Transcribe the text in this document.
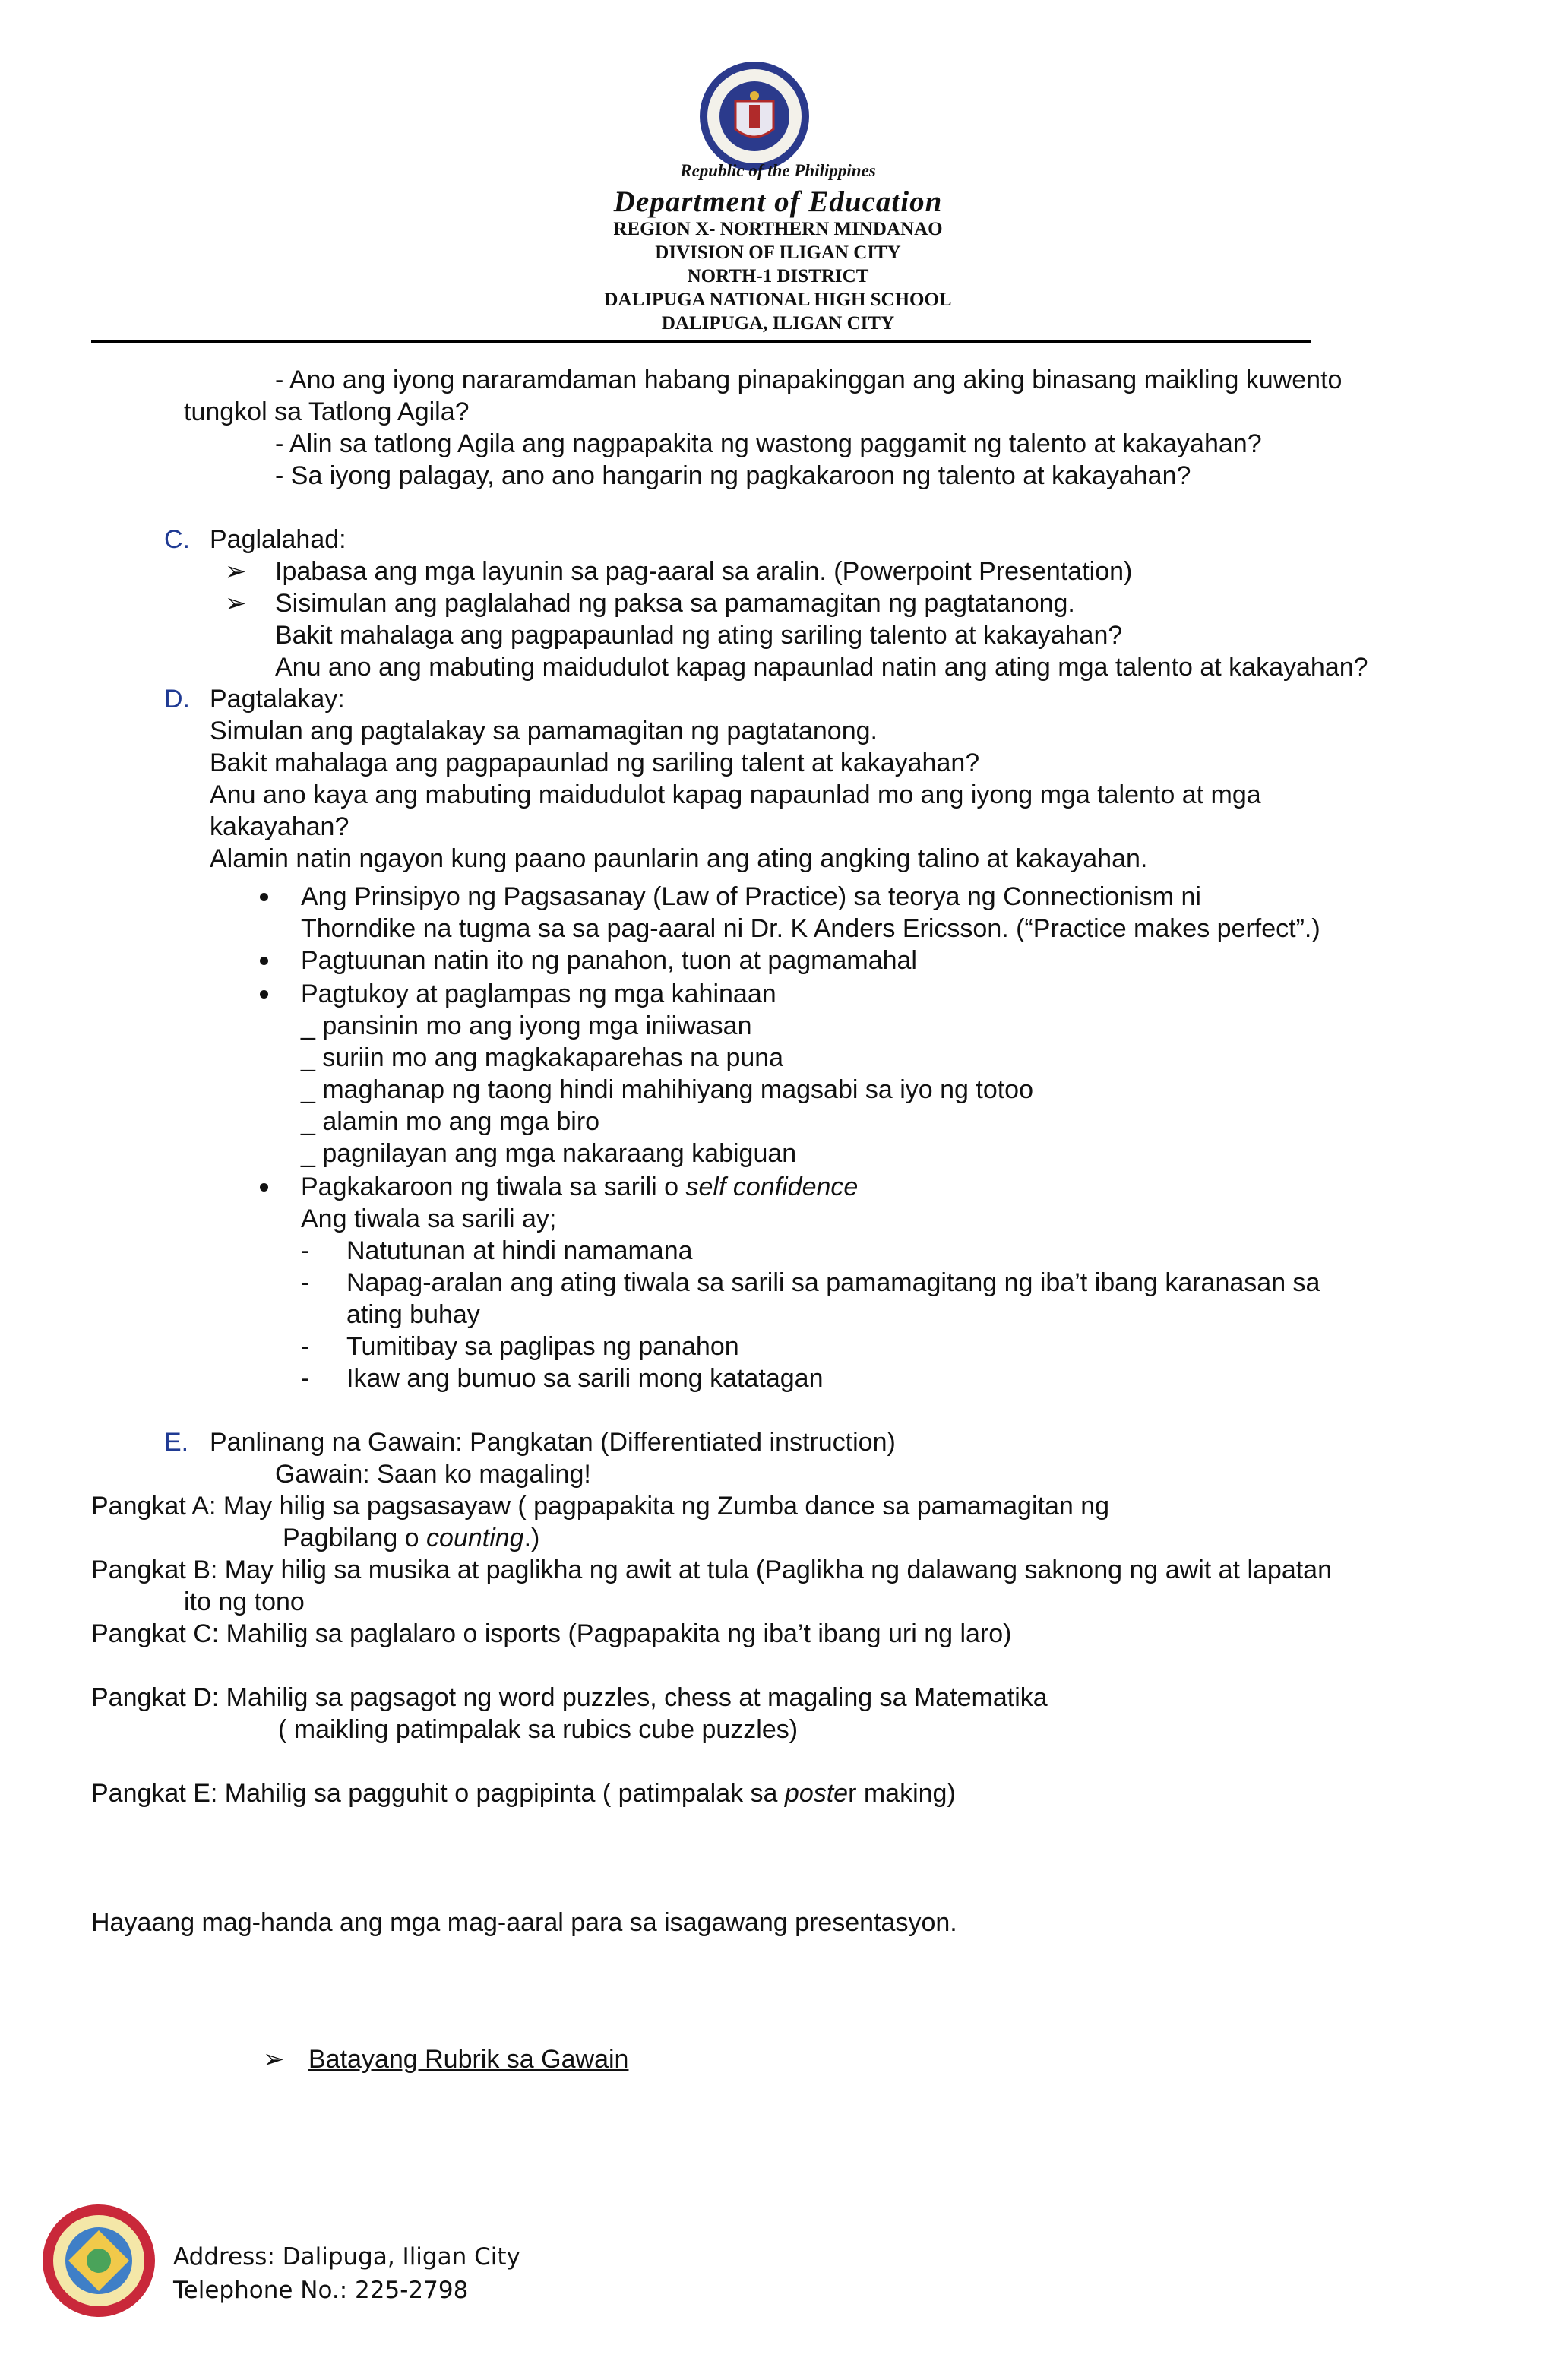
Republic of the Philippines
Department of Education
REGION X- NORTHERN MINDANAO
DIVISION OF ILIGAN CITY
NORTH-1 DISTRICT
DALIPUGA NATIONAL HIGH SCHOOL
DALIPUGA, ILIGAN CITY
- Ano ang iyong nararamdaman habang pinapakinggan ang aking binasang maikling kuwento
tungkol sa Tatlong Agila?
- Alin sa tatlong Agila ang nagpapakita ng wastong paggamit ng talento at kakayahan?
- Sa iyong palagay, ano ano hangarin ng pagkakaroon ng talento at kakayahan?
C. Paglalahad:
➢ Ipabasa ang mga layunin sa pag-aaral sa aralin. (Powerpoint Presentation)
➢ Sisimulan ang paglalahad ng paksa sa pamamagitan ng pagtatanong.
Bakit mahalaga ang pagpapaunlad ng ating sariling talento at kakayahan?
Anu ano ang mabuting maidudulot kapag napaunlad natin ang ating mga talento at kakayahan?
D. Pagtalakay:
Simulan ang pagtalakay sa pamamagitan ng pagtatanong.
Bakit mahalaga ang pagpapaunlad ng sariling talent at kakayahan?
Anu ano kaya ang mabuting maidudulot kapag napaunlad mo ang iyong mga talento at mga
kakayahan?
Alamin natin ngayon kung paano paunlarin ang ating angking talino at kakayahan.
Ang Prinsipyo ng Pagsasanay (Law of Practice) sa teorya ng Connectionism ni
Thorndike na tugma sa sa pag-aaral ni Dr. K Anders Ericsson. (“Practice makes perfect”.)
Pagtuunan natin ito ng panahon, tuon at pagmamahal
Pagtukoy at paglampas ng mga kahinaan
_ pansinin mo ang iyong mga iniiwasan
_ suriin mo ang magkakaparehas na puna
_ maghanap ng taong hindi mahihiyang magsabi sa iyo ng totoo
_ alamin mo ang mga biro
_ pagnilayan ang mga nakaraang kabiguan
Pagkakaroon ng tiwala sa sarili o self confidence
Ang tiwala sa sarili ay;
- Natutunan at hindi namamana
- Napag-aralan ang ating tiwala sa sarili sa pamamagitang ng iba’t ibang karanasan sa
ating buhay
- Tumitibay sa paglipas ng panahon
- Ikaw ang bumuo sa sarili mong katatagan
E. Panlinang na Gawain: Pangkatan (Differentiated instruction)
Gawain: Saan ko magaling!
Pangkat A: May hilig sa pagsasayaw ( pagpapakita ng Zumba dance sa pamamagitan ng
Pagbilang o counting.)
Pangkat B: May hilig sa musika at paglikha ng awit at tula (Paglikha ng dalawang saknong ng awit at lapatan
ito ng tono
Pangkat C: Mahilig sa paglalaro o isports (Pagpapakita ng iba’t ibang uri ng laro)
Pangkat D: Mahilig sa pagsagot ng word puzzles, chess at magaling sa Matematika
( maikling patimpalak sa rubics cube puzzles)
Pangkat E: Mahilig sa pagguhit o pagpipinta ( patimpalak sa poster making)
Hayaang mag-handa ang mga mag-aaral para sa isagawang presentasyon.
➢ Batayang Rubrik sa Gawain
Address: Dalipuga, Iligan City
Telephone No.: 225-2798
